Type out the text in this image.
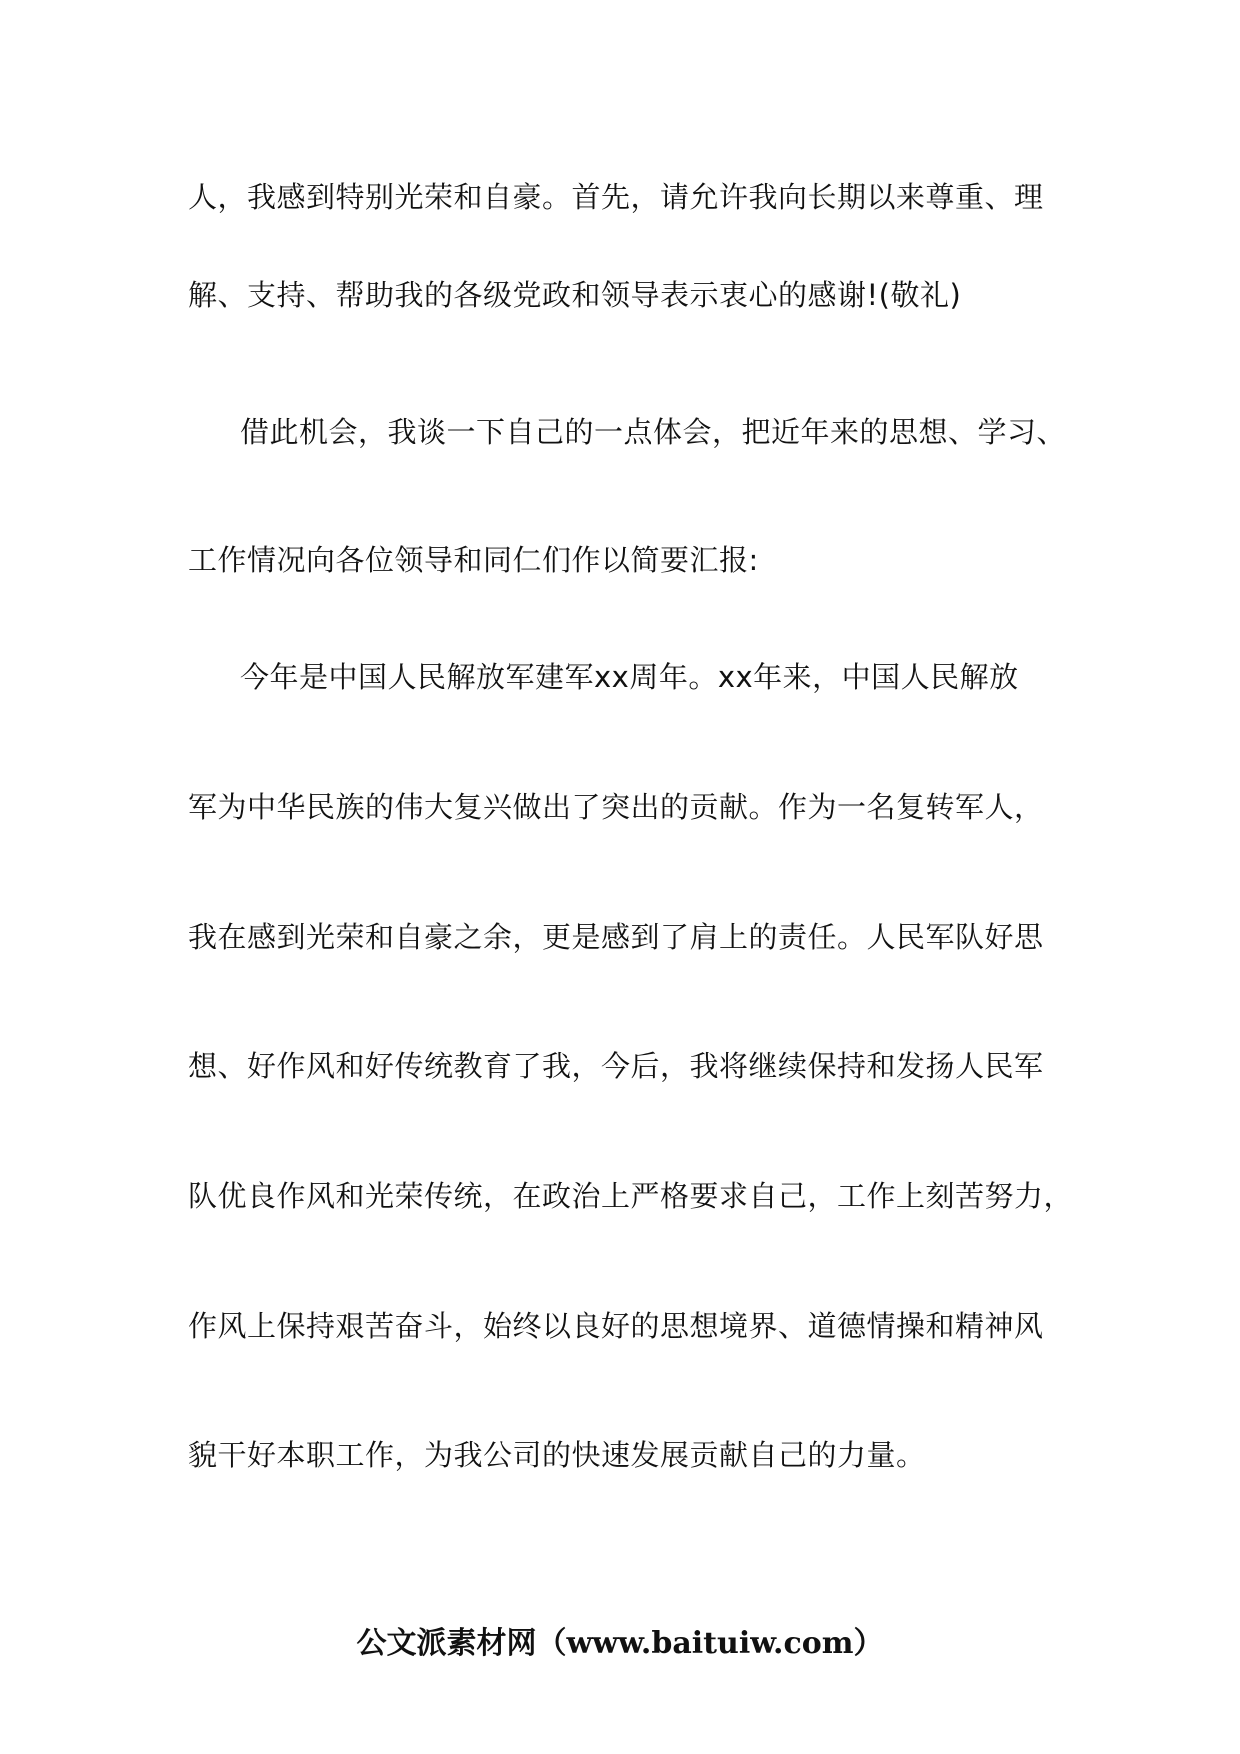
人，我感到特别光荣和自豪。首先，请允许我向长期以来尊重、理
解、支持、帮助我的各级党政和领导表示衷心的感谢!(敬礼)
借此机会，我谈一下自己的一点体会，把近年来的思想、学习、
工作情况向各位领导和同仁们作以简要汇报:
今年是中国人民解放军建军xx周年。xx年来，中国人民解放
军为中华民族的伟大复兴做出了突出的贡献。作为一名复转军人，
我在感到光荣和自豪之余，更是感到了肩上的责任。人民军队好思
想、好作风和好传统教育了我，今后，我将继续保持和发扬人民军
队优良作风和光荣传统，在政治上严格要求自己，工作上刻苦努力，
作风上保持艰苦奋斗，始终以良好的思想境界、道德情操和精神风
貌干好本职工作，为我公司的快速发展贡献自己的力量。
公文派素材网（www.baituiw.com）
